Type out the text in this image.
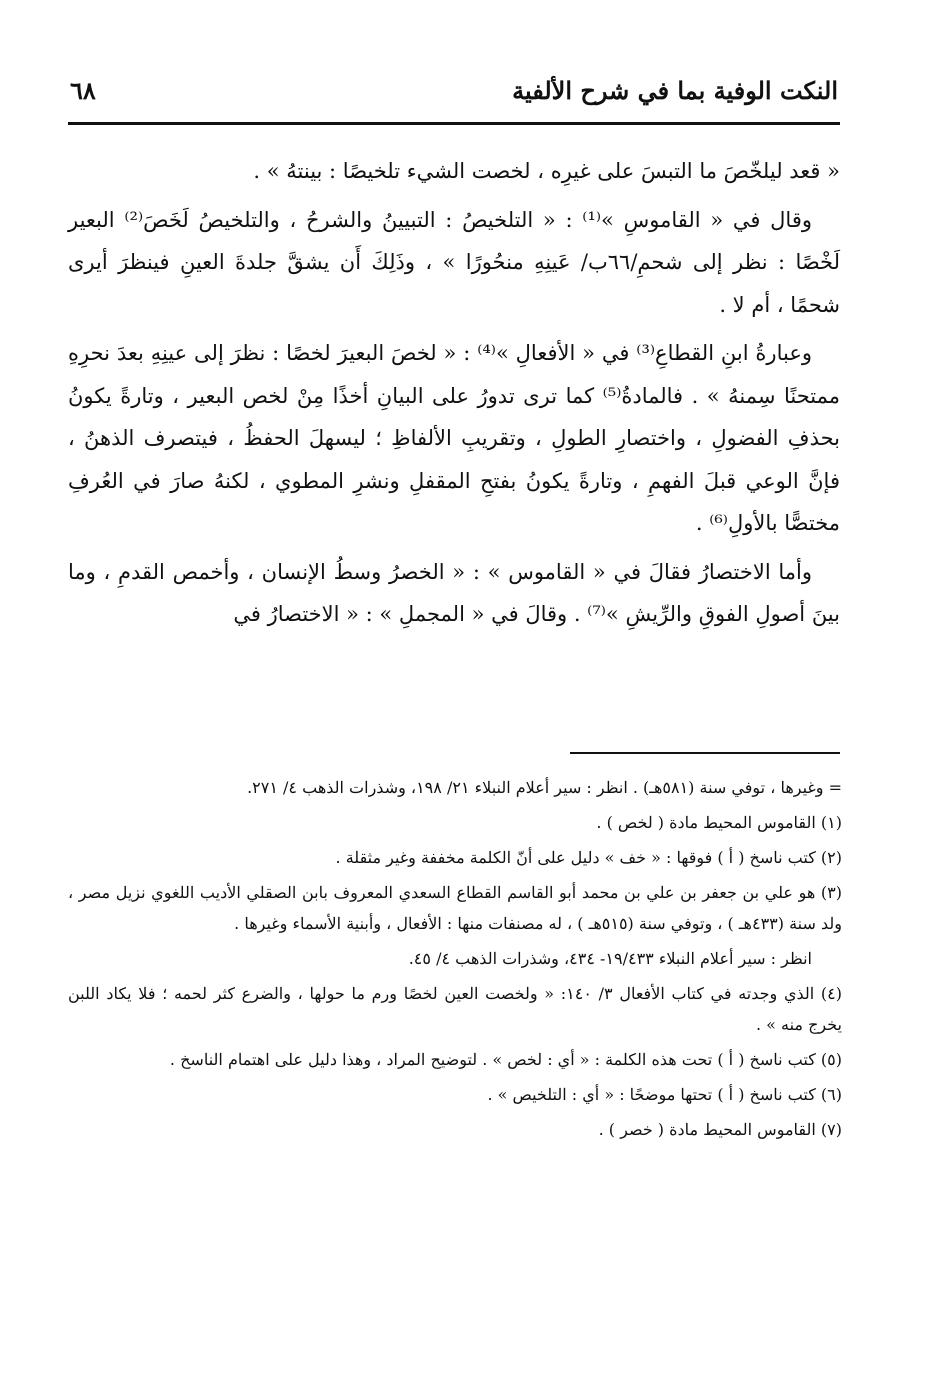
النكت الوفية بما في شرح الألفية
٦٨

« قعد ليلخّصَ ما التبسَ على غيرِه ، لخصت الشيء تلخيصًا : بينتهُ » .

وقال في « القاموسِ »⁽¹⁾ : « التلخيصُ : التبيينُ والشرحُ ، والتلخيصُ لَخَصَ⁽²⁾ البعير لَخْصًا : نظر إلى شحمِ/٦٦ب/ عَينِهِ منحُورًا » ، وذَلِكَ أَن يشقَّ جلدةَ العينِ فينظرَ أيرى شحمًا ، أم لا .

وعبارةُ ابنِ القطاعِ⁽³⁾ في « الأفعالِ »⁽⁴⁾ : « لخصَ البعيرَ لخصًا : نظرَ إلى عينِهِ بعدَ نحرِهِ ممتحنًا سِمنهُ » . فالمادةُ⁽⁵⁾ كما ترى تدورُ على البيانِ أخذًا مِنْ لخص البعير ، وتارةً يكونُ بحذفِ الفضولِ ، واختصارِ الطولِ ، وتقريبِ الألفاظِ ؛ ليسهلَ الحفظُ ، فيتصرف الذهنُ ، فإنَّ الوعي قبلَ الفهمِ ، وتارةً يكونُ بفتحِ المقفلِ ونشرِ المطوي ، لكنهُ صارَ في العُرفِ مختصًّا بالأولِ⁽⁶⁾ .

وأما الاختصارُ فقالَ في « القاموس » : « الخصرُ وسطُ الإنسان ، وأخمص القدمِ ، وما بينَ أصولِ الفوقِ والرِّيشِ »⁽⁷⁾ . وقالَ في « المجملِ » : « الاختصارُ في

= وغيرها ، توفي سنة (٥٨١هـ) . انظر : سير أعلام النبلاء ٢١/ ١٩٨، وشذرات الذهب ٤/ ٢٧١.

(١) القاموس المحيط مادة ( لخص ) .

(٢) كتب ناسخ ( أ ) فوقها : « خف » دليل على أنّ الكلمة مخففة وغير مثقلة .

(٣) هو علي بن جعفر بن علي بن محمد أبو القاسم القطاع السعدي المعروف بابن الصقلي الأديب اللغوي نزيل مصر ، ولد سنة (٤٣٣هـ ) ، وتوفي سنة (٥١٥هـ ) ، له مصنفات منها : الأفعال ، وأبنية الأسماء وغيرها .

انظر : سير أعلام النبلاء ١٩/٤٣٣- ٤٣٤، وشذرات الذهب ٤/ ٤٥.

(٤) الذي وجدته في كتاب الأفعال ٣/ ١٤٠: « ولخصت العين لخصًا ورم ما حولها ، والضرع كثر لحمه ؛ فلا يكاد اللبن يخرج منه » .

(٥) كتب ناسخ ( أ ) تحت هذه الكلمة : « أي : لخص » . لتوضيح المراد ، وهذا دليل على اهتمام الناسخ .

(٦) كتب ناسخ ( أ ) تحتها موضحًا : « أي : التلخيص » .

(٧) القاموس المحيط مادة ( خصر ) .
